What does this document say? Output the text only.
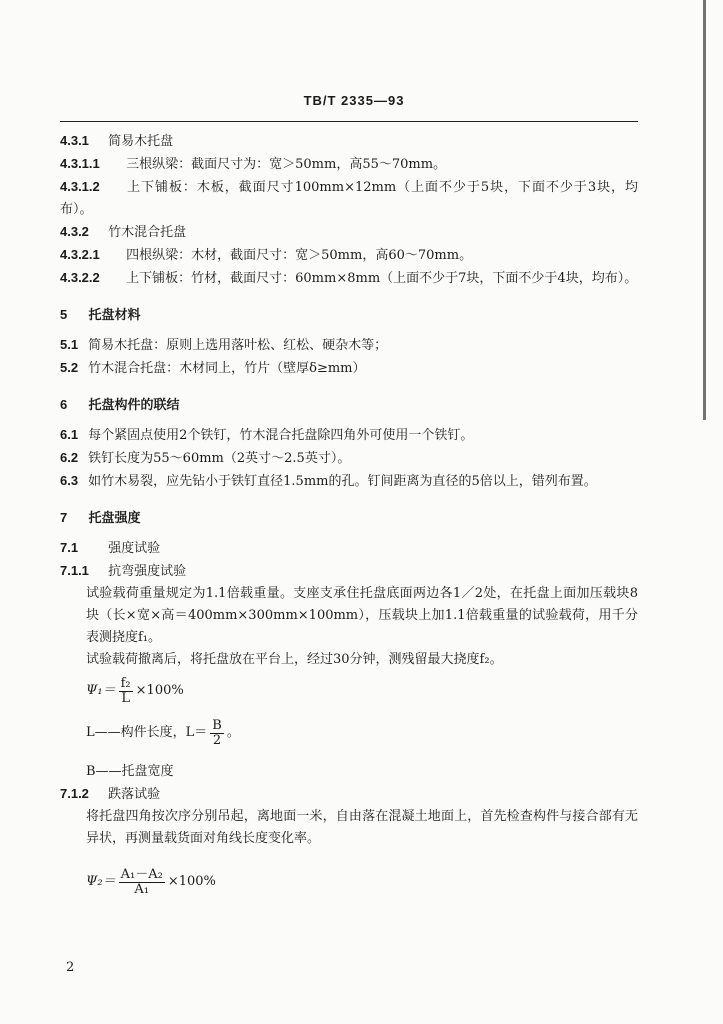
TB/T 2335—93
4.3.1 简易木托盘
4.3.1.1 三根纵梁：截面尺寸为：宽＞50mm，高55～70mm。
4.3.1.2 上下铺板：木板，截面尺寸100mm×12mm（上面不少于5块，下面不少于3块，均布）。
4.3.2 竹木混合托盘
4.3.2.1 四根纵梁：木材，截面尺寸：宽＞50mm，高60～70mm。
4.3.2.2 上下铺板：竹材，截面尺寸：60mm×8mm（上面不少于7块，下面不少于4块，均布）。
5 托盘材料
5.1 简易木托盘：原则上选用落叶松、红松、硬杂木等；
5.2 竹木混合托盘：木材同上，竹片（壁厚δ≥mm）
6 托盘构件的联结
6.1 每个紧固点使用2个铁钉，竹木混合托盘除四角外可使用一个铁钉。
6.2 铁钉长度为55～60mm（2英寸～2.5英寸）。
6.3 如竹木易裂，应先钻小于铁钉直径1.5mm的孔。钉间距离为直径的5倍以上，错列布置。
7 托盘强度
7.1 强度试验
7.1.1 抗弯强度试验
试验载荷重量规定为1.1倍载重量。支座支承住托盘底面两边各1／2处，在托盘上面加压载块8块（长×宽×高＝400mm×300mm×100mm），压载块上加1.1倍载重量的试验载荷，用千分表测挠度f₁。
试验载荷撤离后，将托盘放在平台上，经过30分钟，测残留最大挠度f₂。
$\Psi_1= \frac{\text{f₂}}{L} \times 100\%$
L——构件长度，$L= \frac{B}{2}$ 。
B——托盘宽度
7.1.2 跌落试验
将托盘四角按次序分别吊起，离地面一米，自由落在混凝土地面上，首先检查构件与接合部有无异状，再测量载货面对角线长度变化率。
$\Psi_2= \frac{\text{A₁－A₂}}{\text{A₁}} \times 100\%$
2
